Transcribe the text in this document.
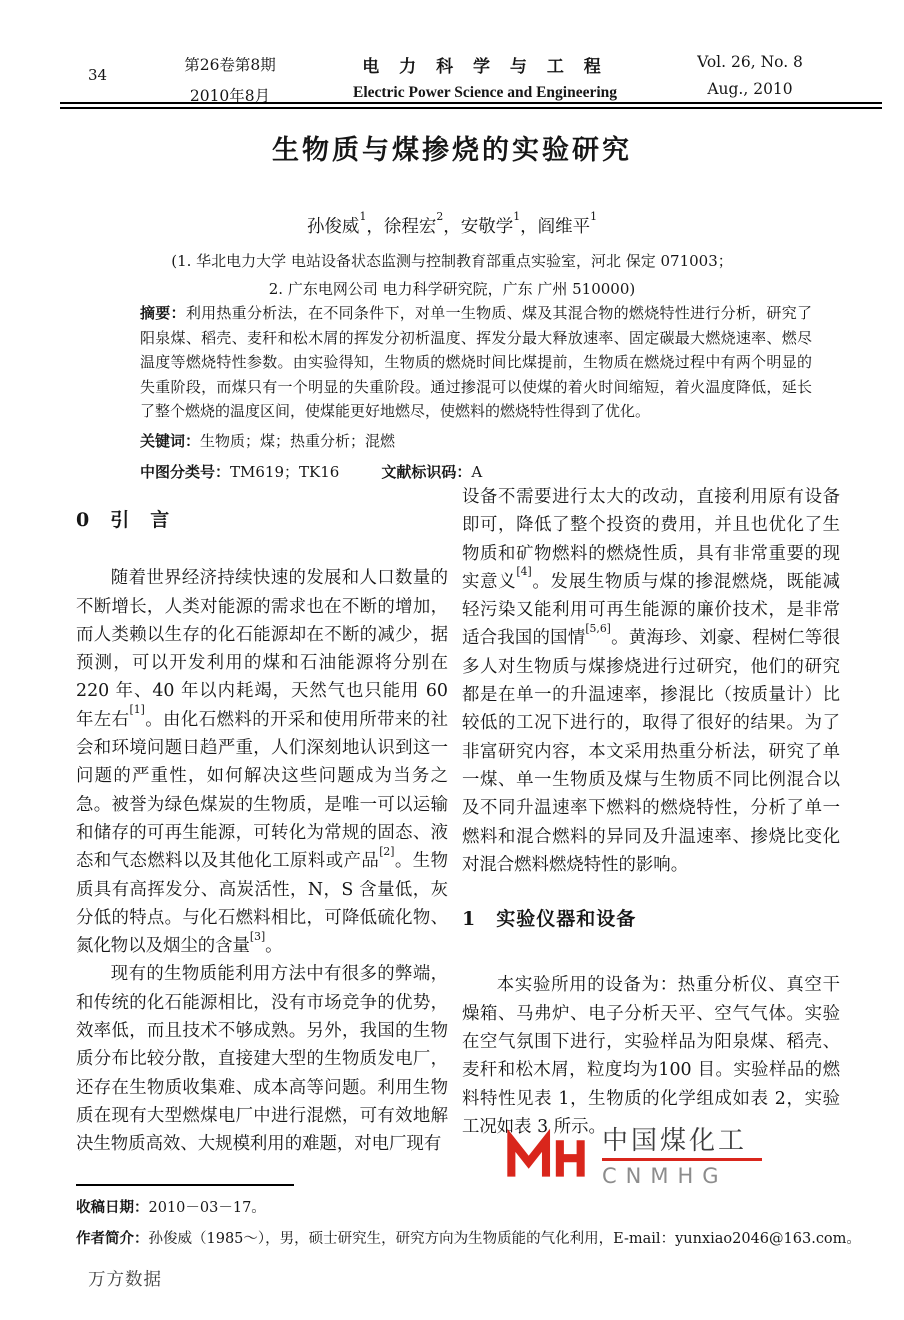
34
第26卷第8期
2010年8月
电 力 科 学 与 工 程
Electric Power Science and Engineering
Vol. 26, No. 8
Aug., 2010
生物质与煤掺烧的实验研究
孙俊威$^1$，徐程宏$^2$，安敬学$^1$，阎维平$^1$
(1. 华北电力大学 电站设备状态监测与控制教育部重点实验室，河北 保定 071003；
2. 广东电网公司 电力科学研究院，广东 广州 510000)
摘要：利用热重分析法，在不同条件下，对单一生物质、煤及其混合物的燃烧特性进行分析，研究了阳泉煤、稻壳、麦秆和松木屑的挥发分初析温度、挥发分最大释放速率、固定碳最大燃烧速率、燃尽温度等燃烧特性参数。由实验得知，生物质的燃烧时间比煤提前，生物质在燃烧过程中有两个明显的失重阶段，而煤只有一个明显的失重阶段。通过掺混可以使煤的着火时间缩短，着火温度降低，延长了整个燃烧的温度区间，使煤能更好地燃尽，使燃料的燃烧特性得到了优化。
关键词：生物质；煤；热重分析；混燃
中图分类号：TM619；TK16	文献标识码：A
0　引　言

随着世界经济持续快速的发展和人口数量的不断增长，人类对能源的需求也在不断的增加，而人类赖以生存的化石能源却在不断的减少，据预测，可以开发利用的煤和石油能源将分别在220 年、40 年以内耗竭，天然气也只能用 60 年左右[1]。由化石燃料的开采和使用所带来的社会和环境问题日趋严重，人们深刻地认识到这一问题的严重性，如何解决这些问题成为当务之急。被誉为绿色煤炭的生物质，是唯一可以运输和储存的可再生能源，可转化为常规的固态、液态和气态燃料以及其他化工原料或产品[2]。生物质具有高挥发分、高炭活性，N，S 含量低，灰分低的特点。与化石燃料相比，可降低硫化物、氮化物以及烟尘的含量[3]。

现有的生物质能利用方法中有很多的弊端，和传统的化石能源相比，没有市场竞争的优势，效率低，而且技术不够成熟。另外，我国的生物质分布比较分散，直接建大型的生物质发电厂，还存在生物质收集难、成本高等问题。利用生物质在现有大型燃煤电厂中进行混燃，可有效地解决生物质高效、大规模利用的难题，对电厂现有

设备不需要进行太大的改动，直接利用原有设备即可，降低了整个投资的费用，并且也优化了生物质和矿物燃料的燃烧性质，具有非常重要的现实意义[4]。发展生物质与煤的掺混燃烧，既能减轻污染又能利用可再生能源的廉价技术，是非常适合我国的国情[5,6]。黄海珍、刘豪、程树仁等很多人对生物质与煤掺烧进行过研究，他们的研究都是在单一的升温速率，掺混比（按质量计）比较低的工况下进行的，取得了很好的结果。为了非富研究内容，本文采用热重分析法，研究了单一煤、单一生物质及煤与生物质不同比例混合以及不同升温速率下燃料的燃烧特性，分析了单一燃料和混合燃料的异同及升温速率、掺烧比变化对混合燃料燃烧特性的影响。

1　实验仪器和设备

本实验所用的设备为：热重分析仪、真空干燥箱、马弗炉、电子分析天平、空气气体。实验在空气氛围下进行，实验样品为阳泉煤、稻壳、麦秆和松木屑，粒度均为100 目。实验样品的燃料特性见表 1，生物质的化学组成如表 2，实验工况如表 3 所示。

中国煤化工
CNMHG
收稿日期：2010－03－17。
作者简介：孙俊威（1985～），男，硕士研究生，研究方向为生物质能的气化利用，E-mail：yunxiao2046@163.com。
万方数据
